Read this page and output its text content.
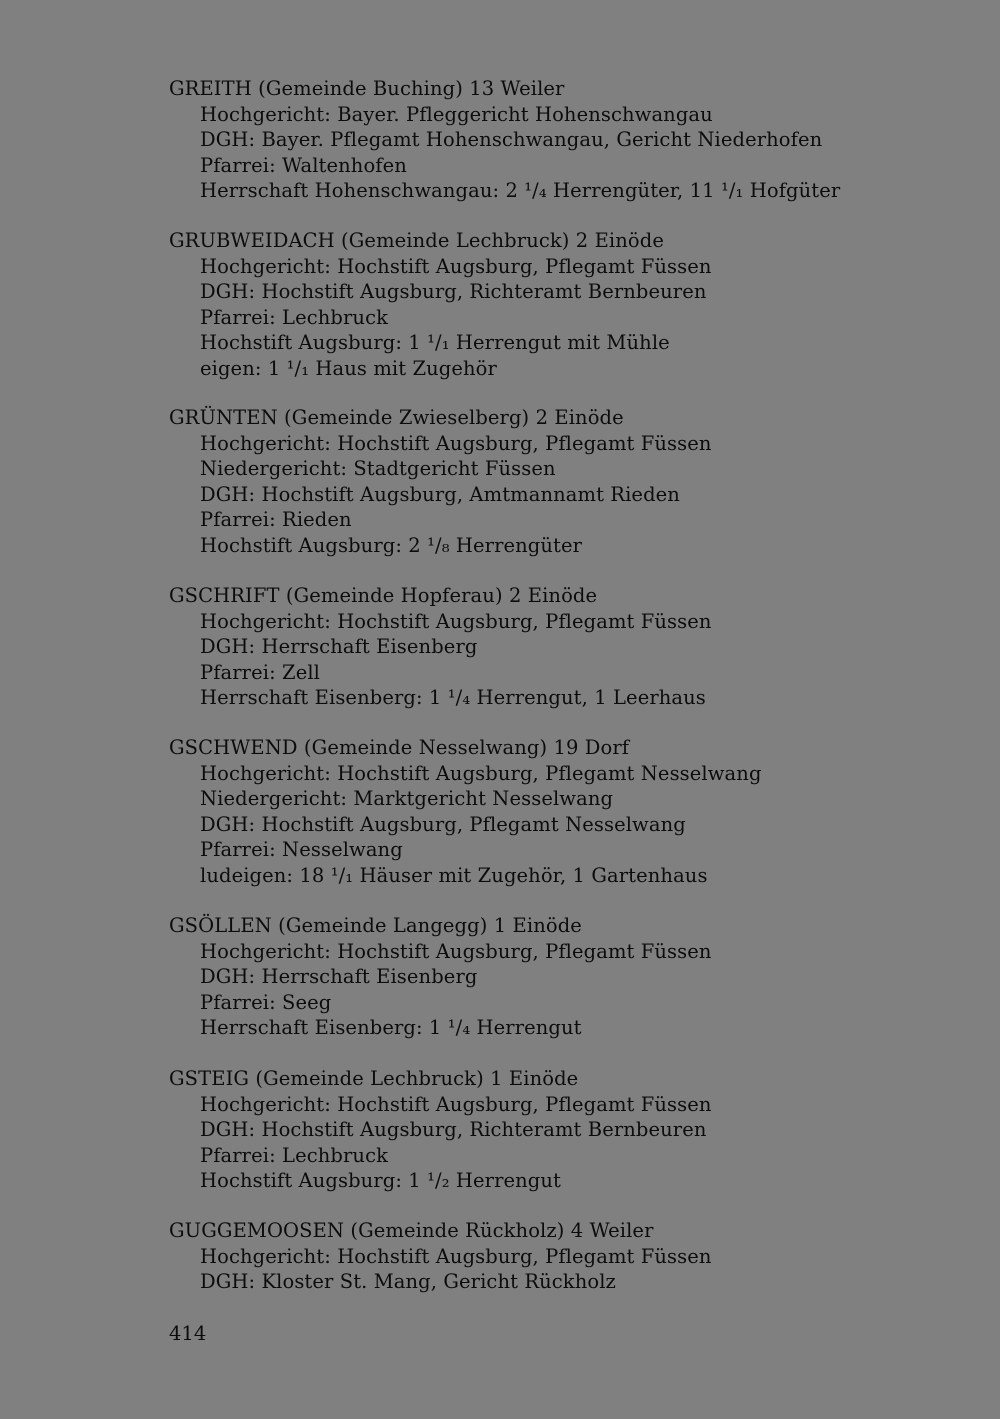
GREITH (Gemeinde Buching) 13 Weiler
Hochgericht: Bayer. Pfleggericht Hohenschwangau
DGH: Bayer. Pflegamt Hohenschwangau, Gericht Niederhofen
Pfarrei: Waltenhofen
Herrschaft Hohenschwangau: 2 ¹/₄ Herrengüter, 11 ¹/₁ Hofgüter
GRUBWEIDACH (Gemeinde Lechbruck) 2 Einöde
Hochgericht: Hochstift Augsburg, Pflegamt Füssen
DGH: Hochstift Augsburg, Richteramt Bernbeuren
Pfarrei: Lechbruck
Hochstift Augsburg: 1 ¹/₁ Herrengut mit Mühle
eigen: 1 ¹/₁ Haus mit Zugehör
GRÜNTEN (Gemeinde Zwieselberg) 2 Einöde
Hochgericht: Hochstift Augsburg, Pflegamt Füssen
Niedergericht: Stadtgericht Füssen
DGH: Hochstift Augsburg, Amtmannamt Rieden
Pfarrei: Rieden
Hochstift Augsburg: 2 ¹/₈ Herrengüter
GSCHRIFT (Gemeinde Hopferau) 2 Einöde
Hochgericht: Hochstift Augsburg, Pflegamt Füssen
DGH: Herrschaft Eisenberg
Pfarrei: Zell
Herrschaft Eisenberg: 1 ¹/₄ Herrengut, 1 Leerhaus
GSCHWEND (Gemeinde Nesselwang) 19 Dorf
Hochgericht: Hochstift Augsburg, Pflegamt Nesselwang
Niedergericht: Marktgericht Nesselwang
DGH: Hochstift Augsburg, Pflegamt Nesselwang
Pfarrei: Nesselwang
ludeigen: 18 ¹/₁ Häuser mit Zugehör, 1 Gartenhaus
GSÖLLEN (Gemeinde Langegg) 1 Einöde
Hochgericht: Hochstift Augsburg, Pflegamt Füssen
DGH: Herrschaft Eisenberg
Pfarrei: Seeg
Herrschaft Eisenberg: 1 ¹/₄ Herrengut
GSTEIG (Gemeinde Lechbruck) 1 Einöde
Hochgericht: Hochstift Augsburg, Pflegamt Füssen
DGH: Hochstift Augsburg, Richteramt Bernbeuren
Pfarrei: Lechbruck
Hochstift Augsburg: 1 ¹/₂ Herrengut
GUGGEMOOSEN (Gemeinde Rückholz) 4 Weiler
Hochgericht: Hochstift Augsburg, Pflegamt Füssen
DGH: Kloster St. Mang, Gericht Rückholz
414
